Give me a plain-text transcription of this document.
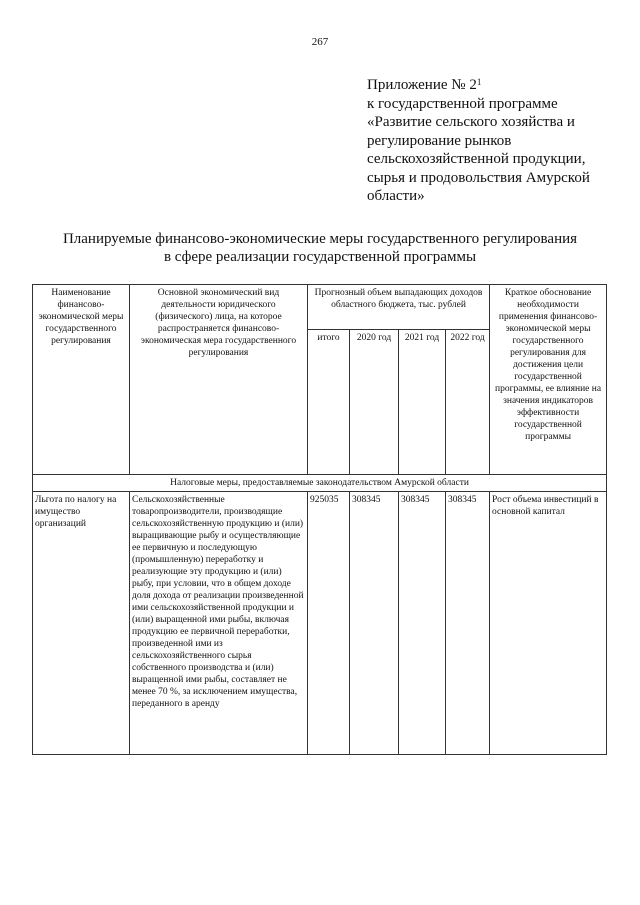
267
Приложение № $2^1$
к государственной программе
«Развитие сельского хозяйства и
регулирование рынков
сельскохозяйственной продукции,
сырья и продовольствия Амурской
области»
Планируемые финансово-экономические меры государственного регулирования
в сфере реализации государственной программы
Наименование финансово-экономической меры государственного регулирования	Основной экономический вид деятельности юридического (физического) лица, на которое распространяется финансово-экономическая мера государственного регулирования	Прогнозный объем выпадающих доходов областного бюджета, тыс. рублей				Краткое обоснование необходимости применения финансово-экономической меры государственного регулирования для достижения цели государственной программы, ее влияние на значения индикаторов эффективности государственной программы
		итого	2020 год	2021 год	2022 год	
Налоговые меры, предоставляемые законодательством Амурской области						
Льгота по налогу на имущество организаций	Сельскохозяйственные товаропроизводители, производящие сельскохозяйственную продукцию и (или) выращивающие рыбу и осуществляющие ее первичную и последующую (промышленную) переработку и реализующие эту продукцию и (или) рыбу, при условии, что в общем доходе доля дохода от реализации произведенной ими сельскохозяйственной продукции и (или) выращенной ими рыбы, включая продукцию ее первичной переработки, произведенной ими из сельскохозяйственного сырья собственного производства и (или) выращенной ими рыбы, составляет не менее 70 %, за исключением имущества, переданного в аренду	925035	308345	308345	308345	Рост объема инвестиций в основной капитал
